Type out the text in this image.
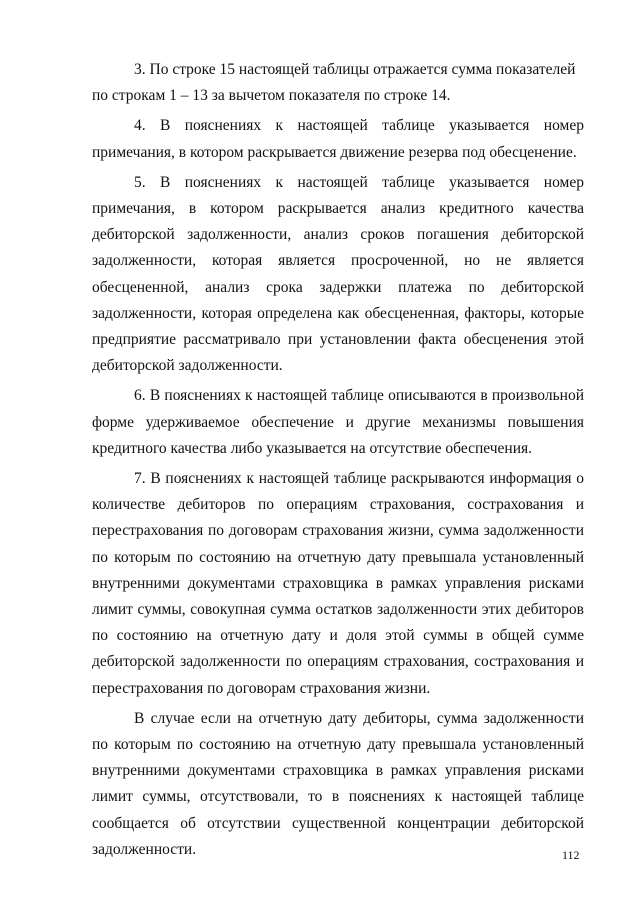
3. По строке 15 настоящей таблицы отражается сумма показателей по строкам 1 – 13 за вычетом показателя по строке 14.

4. В пояснениях к настоящей таблице указывается номер примечания, в котором раскрывается движение резерва под обесценение.

5. В пояснениях к настоящей таблице указывается номер примечания, в котором раскрывается анализ кредитного качества дебиторской задолженности, анализ сроков погашения дебиторской задолженности, которая является просроченной, но не является обесцененной, анализ срока задержки платежа по дебиторской задолженности, которая определена как обесцененная, факторы, которые предприятие рассматривало при установлении факта обесценения этой дебиторской задолженности.

6. В пояснениях к настоящей таблице описываются в произвольной форме удерживаемое обеспечение и другие механизмы повышения кредитного качества либо указывается на отсутствие обеспечения.

7. В пояснениях к настоящей таблице раскрываются информация о количестве дебиторов по операциям страхования, сострахования и перестрахования по договорам страхования жизни, сумма задолженности по которым по состоянию на отчетную дату превышала установленный внутренними документами страховщика в рамках управления рисками лимит суммы, совокупная сумма остатков задолженности этих дебиторов по состоянию на отчетную дату и доля этой суммы в общей сумме дебиторской задолженности по операциям страхования, сострахования и перестрахования по договорам страхования жизни.

В случае если на отчетную дату дебиторы, сумма задолженности по которым по состоянию на отчетную дату превышала установленный внутренними документами страховщика в рамках управления рисками лимит суммы, отсутствовали, то в пояснениях к настоящей таблице сообщается об отсутствии существенной концентрации дебиторской задолженности.	112
